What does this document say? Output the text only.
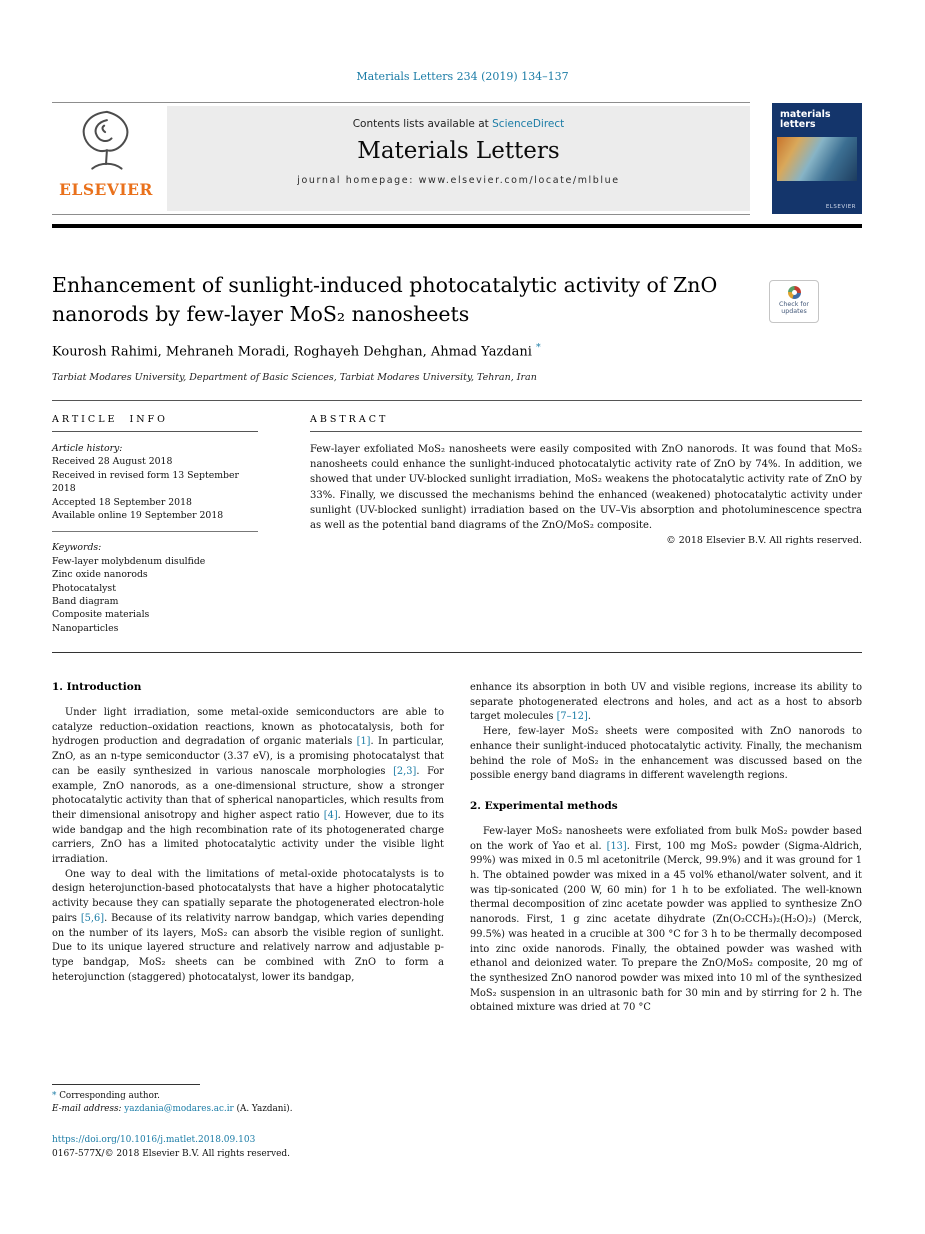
Materials Letters 234 (2019) 134–137
ELSEVIER
Contents lists available at ScienceDirect
Materials Letters
journal homepage: www.elsevier.com/locate/mlblue
materials letters
ELSEVIER
Enhancement of sunlight-induced photocatalytic activity of ZnO nanorods by few-layer MoS₂ nanosheets	Check for
updates
Kourosh Rahimi, Mehraneh Moradi, Roghayeh Dehghan, Ahmad Yazdani *
Tarbiat Modares University, Department of Basic Sciences, Tarbiat Modares University, Tehran, Iran
ARTICLE INFO
Article history:
Received 28 August 2018
Received in revised form 13 September 2018
Accepted 18 September 2018
Available online 19 September 2018
Keywords:
Few-layer molybdenum disulfide
Zinc oxide nanorods
Photocatalyst
Band diagram
Composite materials
Nanoparticles
ABSTRACT
Few-layer exfoliated MoS₂ nanosheets were easily composited with ZnO nanorods. It was found that MoS₂ nanosheets could enhance the sunlight-induced photocatalytic activity rate of ZnO by 74%. In addition, we showed that under UV-blocked sunlight irradiation, MoS₂ weakens the photocatalytic activity rate of ZnO by 33%. Finally, we discussed the mechanisms behind the enhanced (weakened) photocatalytic activity under sunlight (UV-blocked sunlight) irradiation based on the UV–Vis absorption and photoluminescence spectra as well as the potential band diagrams of the ZnO/MoS₂ composite.
© 2018 Elsevier B.V. All rights reserved.
1. Introduction

Under light irradiation, some metal-oxide semiconductors are able to catalyze reduction–oxidation reactions, known as photocatalysis, both for hydrogen production and degradation of organic materials [1]. In particular, ZnO, as an n-type semiconductor (3.37 eV), is a promising photocatalyst that can be easily synthesized in various nanoscale morphologies [2,3]. For example, ZnO nanorods, as a one-dimensional structure, show a stronger photocatalytic activity than that of spherical nanoparticles, which results from their dimensional anisotropy and higher aspect ratio [4]. However, due to its wide bandgap and the high recombination rate of its photogenerated charge carriers, ZnO has a limited photocatalytic activity under the visible light irradiation.

One way to deal with the limitations of metal-oxide photocatalysts is to design heterojunction-based photocatalysts that have a higher photocatalytic activity because they can spatially separate the photogenerated electron-hole pairs [5,6]. Because of its relativity narrow bandgap, which varies depending on the number of its layers, MoS₂ can absorb the visible region of sunlight. Due to its unique layered structure and relatively narrow and adjustable p-type bandgap, MoS₂ sheets can be combined with ZnO to form a heterojunction (staggered) photocatalyst, lower its bandgap,

enhance its absorption in both UV and visible regions, increase its ability to separate photogenerated electrons and holes, and act as a host to absorb target molecules [7–12].

Here, few-layer MoS₂ sheets were composited with ZnO nanorods to enhance their sunlight-induced photocatalytic activity. Finally, the mechanism behind the role of MoS₂ in the enhancement was discussed based on the possible energy band diagrams in different wavelength regions.

2. Experimental methods

Few-layer MoS₂ nanosheets were exfoliated from bulk MoS₂ powder based on the work of Yao et al. [13]. First, 100 mg MoS₂ powder (Sigma-Aldrich, 99%) was mixed in 0.5 ml acetonitrile (Merck, 99.9%) and it was ground for 1 h. The obtained powder was mixed in a 45 vol% ethanol/water solvent, and it was tip-sonicated (200 W, 60 min) for 1 h to be exfoliated. The well-known thermal decomposition of zinc acetate powder was applied to synthesize ZnO nanorods. First, 1 g zinc acetate dihydrate (Zn(O₂CCH₃)₂(H₂O)₂) (Merck, 99.5%) was heated in a crucible at 300 °C for 3 h to be thermally decomposed into zinc oxide nanorods. Finally, the obtained powder was washed with ethanol and deionized water. To prepare the ZnO/MoS₂ composite, 20 mg of the synthesized ZnO nanorod powder was mixed into 10 ml of the synthesized MoS₂ suspension in an ultrasonic bath for 30 min and by stirring for 2 h. The obtained mixture was dried at 70 °C

* Corresponding author.
E-mail address: yazdania@modares.ac.ir (A. Yazdani).
https://doi.org/10.1016/j.matlet.2018.09.103
0167-577X/© 2018 Elsevier B.V. All rights reserved.
